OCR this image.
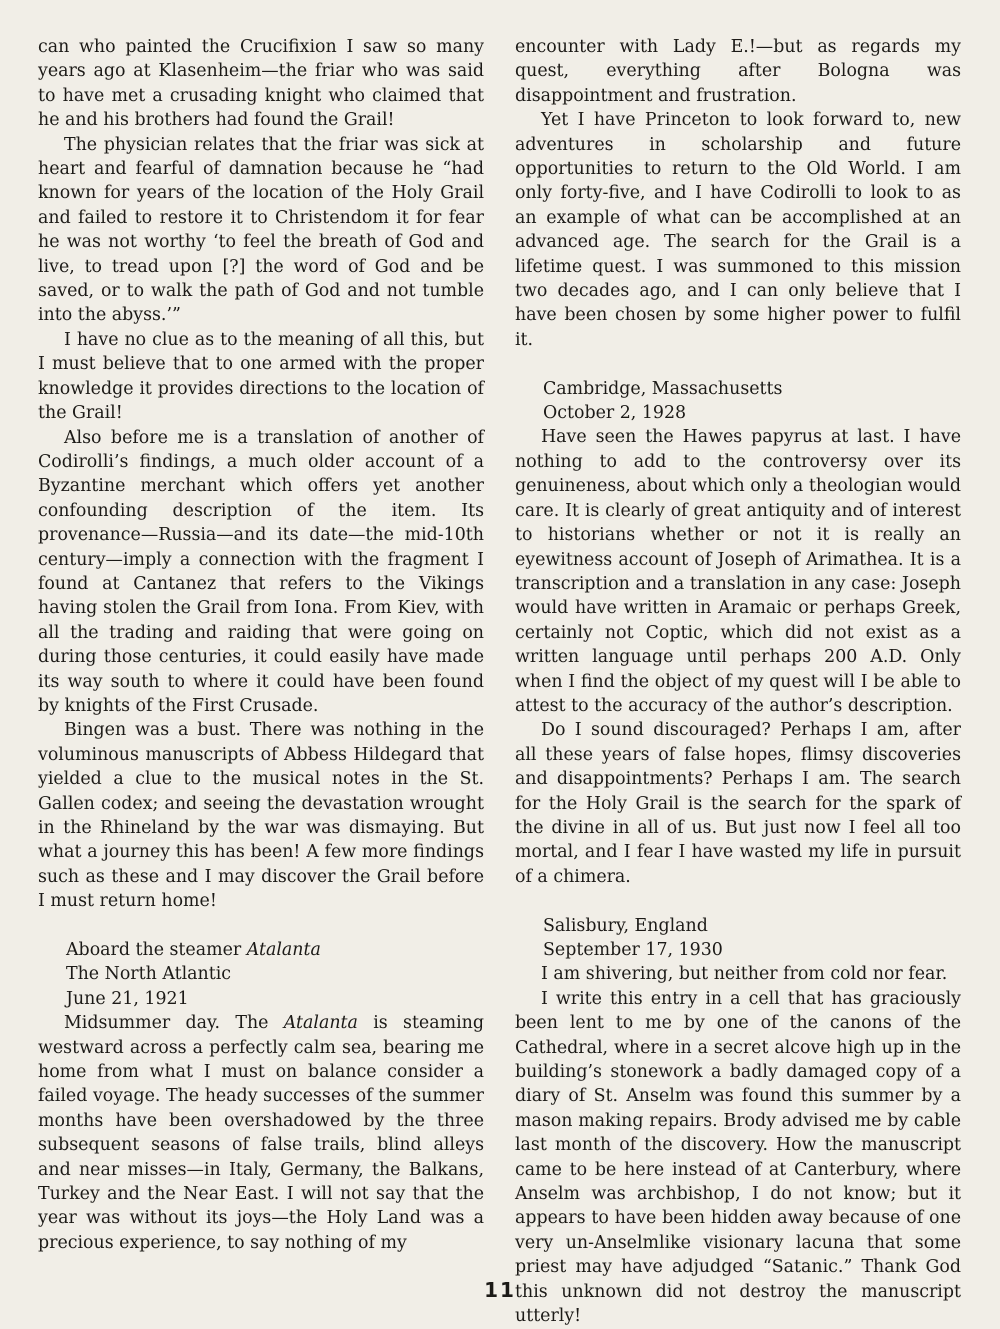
can who painted the Crucifixion I saw so many years ago at Klasenheim—the friar who was said to have met a crusading knight who claimed that he and his brothers had found the Grail!

The physician relates that the friar was sick at heart and fearful of damnation because he “had known for years of the location of the Holy Grail and failed to restore it to Christendom it for fear he was not worthy ‘to feel the breath of God and live, to tread upon [?] the word of God and be saved, or to walk the path of God and not tumble into the abyss.’”

I have no clue as to the meaning of all this, but I must believe that to one armed with the proper knowledge it provides directions to the location of the Grail!

Also before me is a translation of another of Codirolli’s findings, a much older account of a Byzantine merchant which offers yet another confounding description of the item. Its provenance—Russia—and its date—the mid-10th century—imply a connection with the fragment I found at Cantanez that refers to the Vikings having stolen the Grail from Iona. From Kiev, with all the trading and raiding that were going on during those centuries, it could easily have made its way south to where it could have been found by knights of the First Crusade.

Bingen was a bust. There was nothing in the voluminous manuscripts of Abbess Hildegard that yielded a clue to the musical notes in the St. Gallen codex; and seeing the devastation wrought in the Rhineland by the war was dismaying. But what a journey this has been! A few more findings such as these and I may discover the Grail before I must return home!

Aboard the steamer Atalanta
The North Atlantic
June 21, 1921

Midsummer day. The Atalanta is steaming westward across a perfectly calm sea, bearing me home from what I must on balance consider a failed voyage. The heady successes of the summer months have been overshadowed by the three subsequent seasons of false trails, blind alleys and near misses—in Italy, Germany, the Balkans, Turkey and the Near East. I will not say that the year was without its joys—the Holy Land was a precious experience, to say nothing of my

encounter with Lady E.!—but as regards my quest, everything after Bologna was disappointment and frustration.

Yet I have Princeton to look forward to, new adventures in scholarship and future opportunities to return to the Old World. I am only forty-five, and I have Codirolli to look to as an example of what can be accomplished at an advanced age. The search for the Grail is a lifetime quest. I was summoned to this mission two decades ago, and I can only believe that I have been chosen by some higher power to fulfil it.

Cambridge, Massachusetts
October 2, 1928

Have seen the Hawes papyrus at last. I have nothing to add to the controversy over its genuineness, about which only a theologian would care. It is clearly of great antiquity and of interest to historians whether or not it is really an eyewitness account of Joseph of Arimathea. It is a transcription and a translation in any case: Joseph would have written in Aramaic or perhaps Greek, certainly not Coptic, which did not exist as a written language until perhaps 200 A.D. Only when I find the object of my quest will I be able to attest to the accuracy of the author’s description.

Do I sound discouraged? Perhaps I am, after all these years of false hopes, flimsy discoveries and disappointments? Perhaps I am. The search for the Holy Grail is the search for the spark of the divine in all of us. But just now I feel all too mortal, and I fear I have wasted my life in pursuit of a chimera.

Salisbury, England
September 17, 1930

I am shivering, but neither from cold nor fear.

I write this entry in a cell that has graciously been lent to me by one of the canons of the Cathedral, where in a secret alcove high up in the building’s stonework a badly damaged copy of a diary of St. Anselm was found this summer by a mason making repairs. Brody advised me by cable last month of the discovery. How the manuscript came to be here instead of at Canterbury, where Anselm was archbishop, I do not know; but it appears to have been hidden away because of one very un-Anselmlike visionary lacuna that some priest may have adjudged “Satanic.” Thank God this unknown did not destroy the manuscript utterly!

11
